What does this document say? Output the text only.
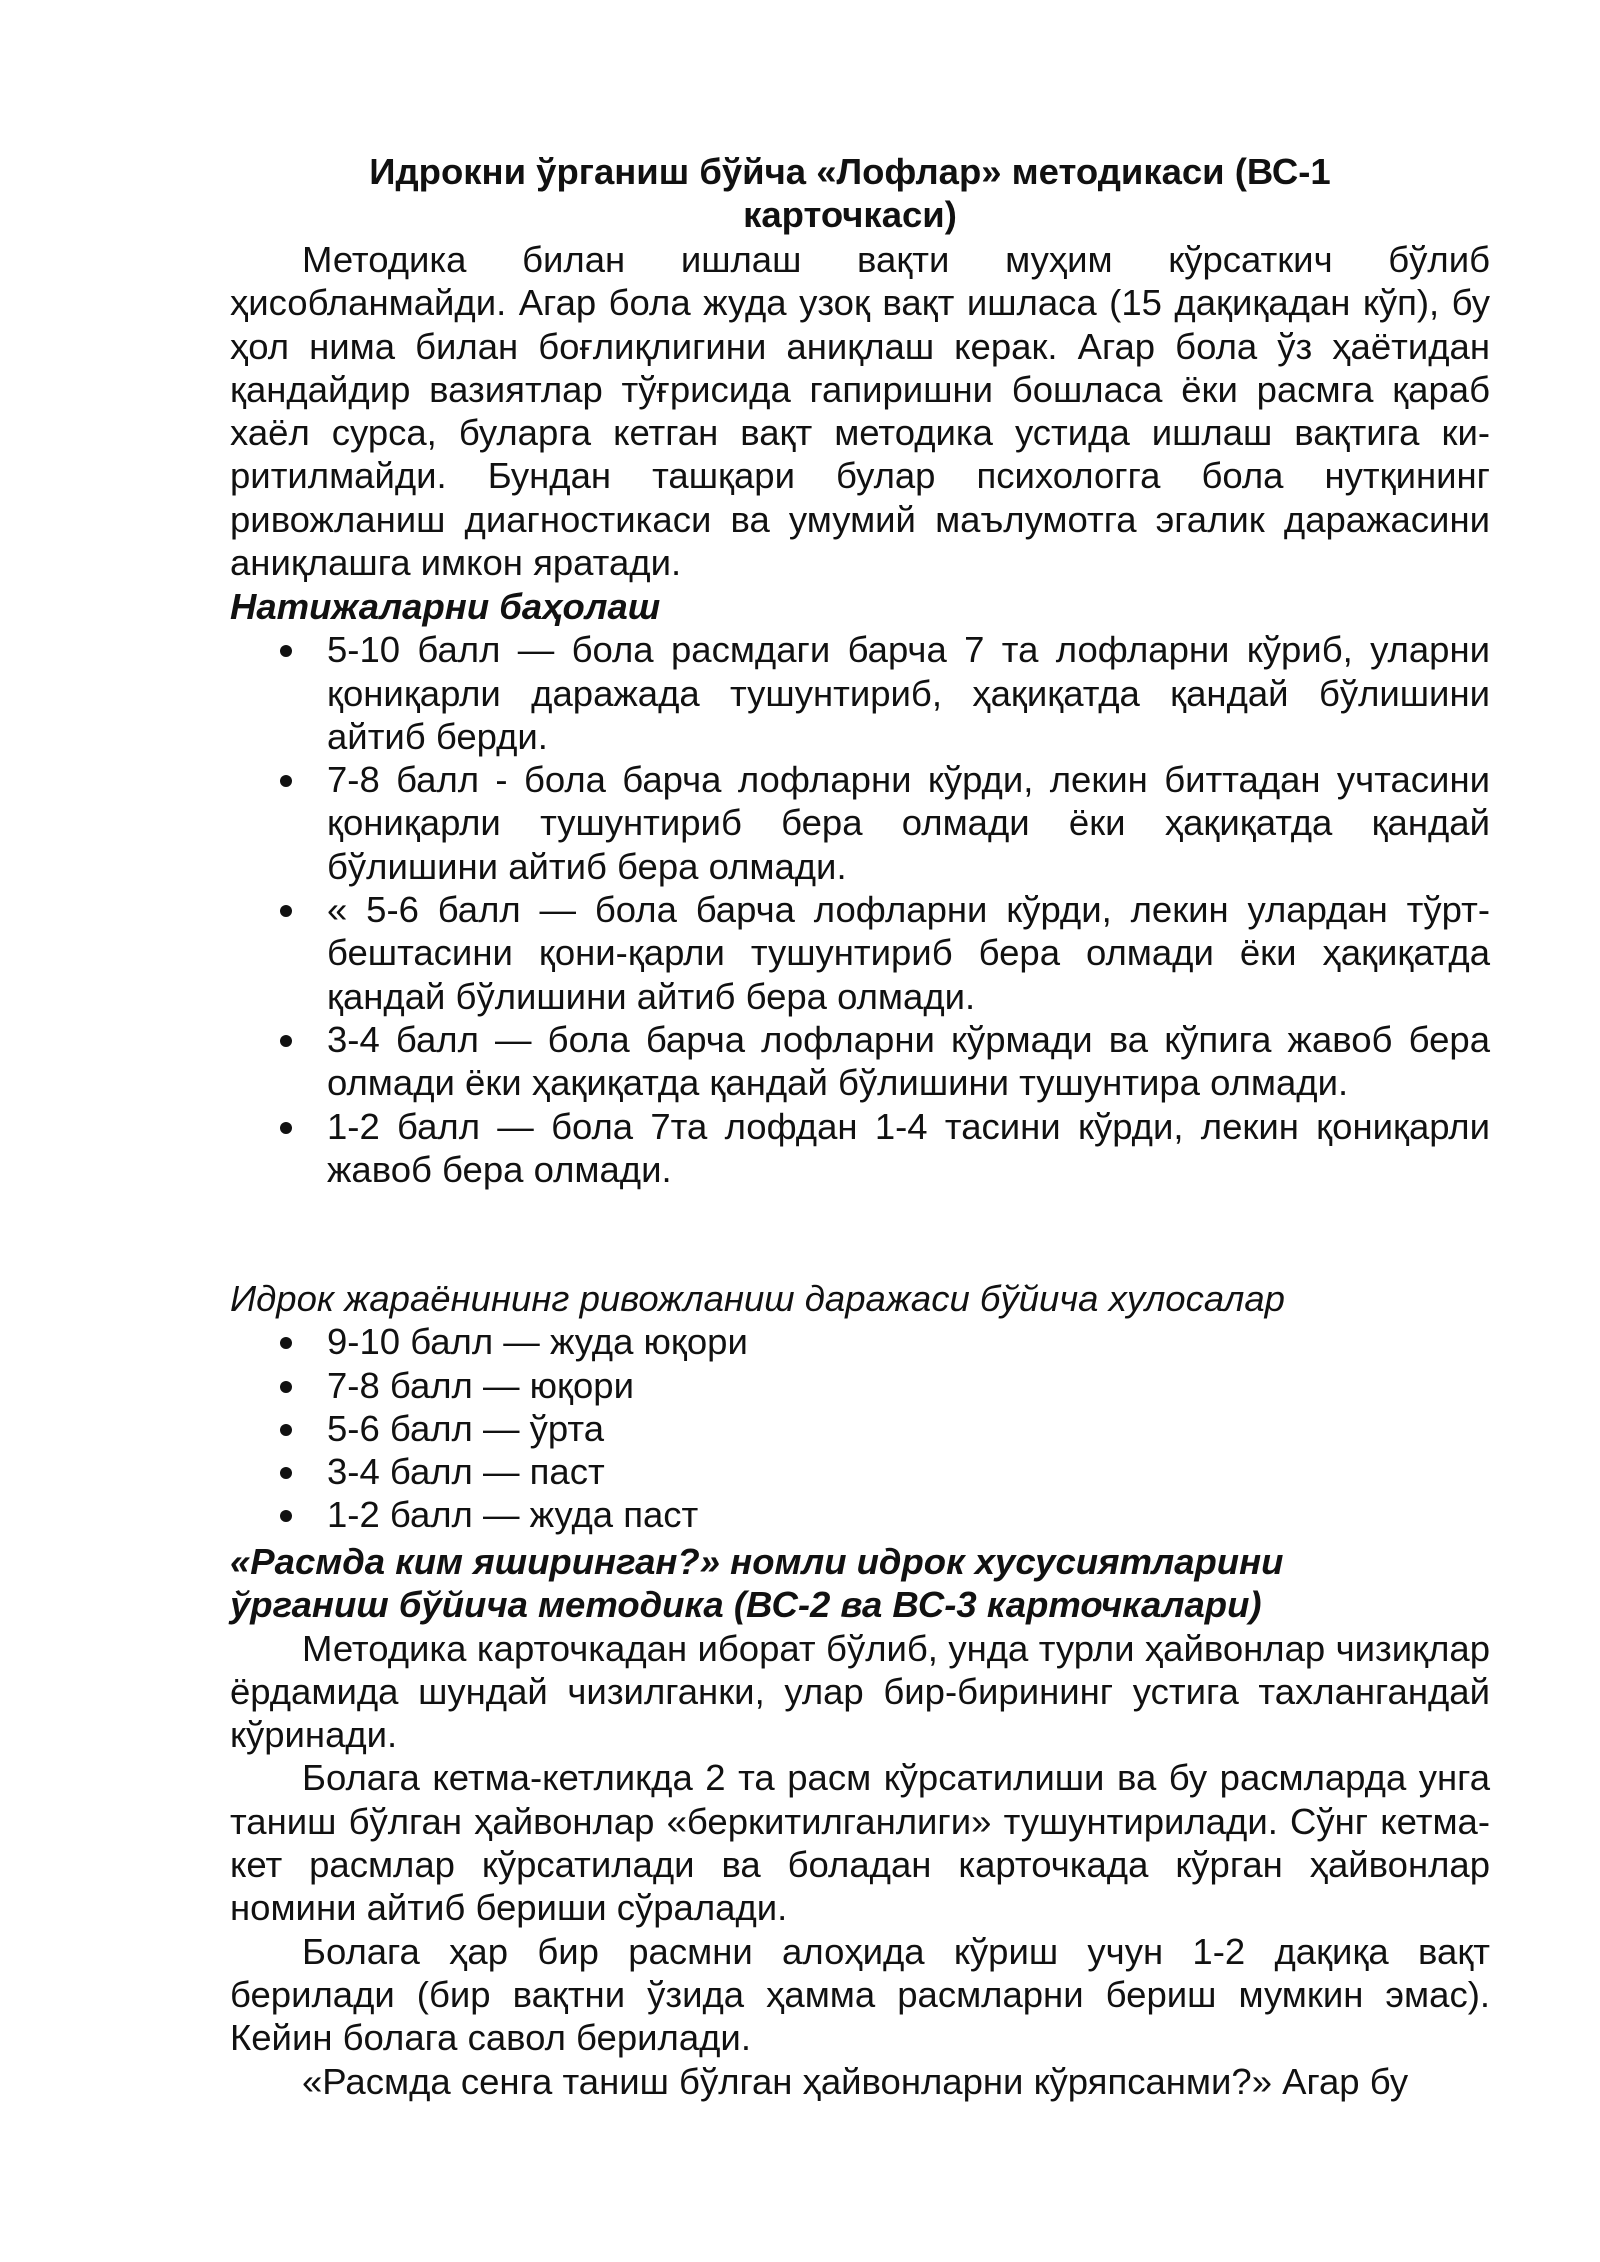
Идрокни ўрганиш бўйча «Лофлар» методикаси (ВС-1
карточкаси)

Методика билан ишлаш вақти муҳим кўрсаткич бўлиб ҳисобланмайди. Агар бола жуда узоқ вақт ишласа (15 дақиқадан кўп), бу ҳол нима билан боғлиқлигини аниқлаш керак. Агар бола ўз ҳаётидан қандайдир вазиятлар тўғрисида гапиришни бошласа ёки расмга қараб хаёл сурса, буларга кетган вақт методика устида ишлаш вақтига ки-ритилмайди. Бундан ташқари булар психологга бола нутқининг ривожланиш диагностикаси ва умумий маълумотга эгалик даражасини аниқлашга имкон яратади.

Натижаларни баҳолаш

5-10 балл — бола расмдаги барча 7 та лофларни кўриб, уларни қониқарли даражада тушунтириб, ҳақиқатда қандай бўлишини айтиб берди.
7-8 балл - бола барча лофларни кўрди, лекин биттадан учтасини қониқарли тушунтириб бера олмади ёки ҳақиқатда қандай бўлишини айтиб бера олмади.
« 5-6 балл — бола барча лофларни кўрди, лекин улардан тўрт-бештасини қони-қарли тушунтириб бера олмади ёки ҳақиқатда қандай бўлишини айтиб бера олмади.
3-4 балл — бола барча лофларни кўрмади ва кўпига жавоб бера олмади ёки ҳақиқатда қандай бўлишини тушунтира олмади.
1-2 балл — бола 7та лофдан 1-4 тасини кўрди, лекин қониқарли жавоб бера олмади.

Идрок жараёнининг ривожланиш даражаси бўйича хулосалар

9-10 балл — жуда юқори
7-8 балл — юқори
5-6 балл — ўрта
3-4 балл — паст
1-2 балл — жуда паст

«Расмда ким яширинган?» номли идрок хусусиятларини

ўрганиш бўйича методика (ВС-2 ва ВС-3 карточкалари)

Методика карточкадан иборат бўлиб, унда турли ҳайвонлар чизиқлар ёрдамида шундай чизилганки, улар бир-бирининг устига тахлангандай кўринади.

Болага кетма-кетликда 2 та расм кўрсатилиши ва бу расмларда унга таниш бўлган ҳайвонлар «беркитилганлиги» тушунтирилади. Сўнг кетма-кет расмлар кўрсатилади ва боладан карточкада кўрган ҳайвонлар номини айтиб бериши сўралади.

Болага ҳар бир расмни алоҳида кўриш учун 1-2 дақиқа вақт берилади (бир вақтни ўзида ҳамма расмларни бериш мумкин эмас). Кейин болага савол берилади.

«Расмда сенга таниш бўлган ҳайвонларни кўряпсанми?» Агар бу
